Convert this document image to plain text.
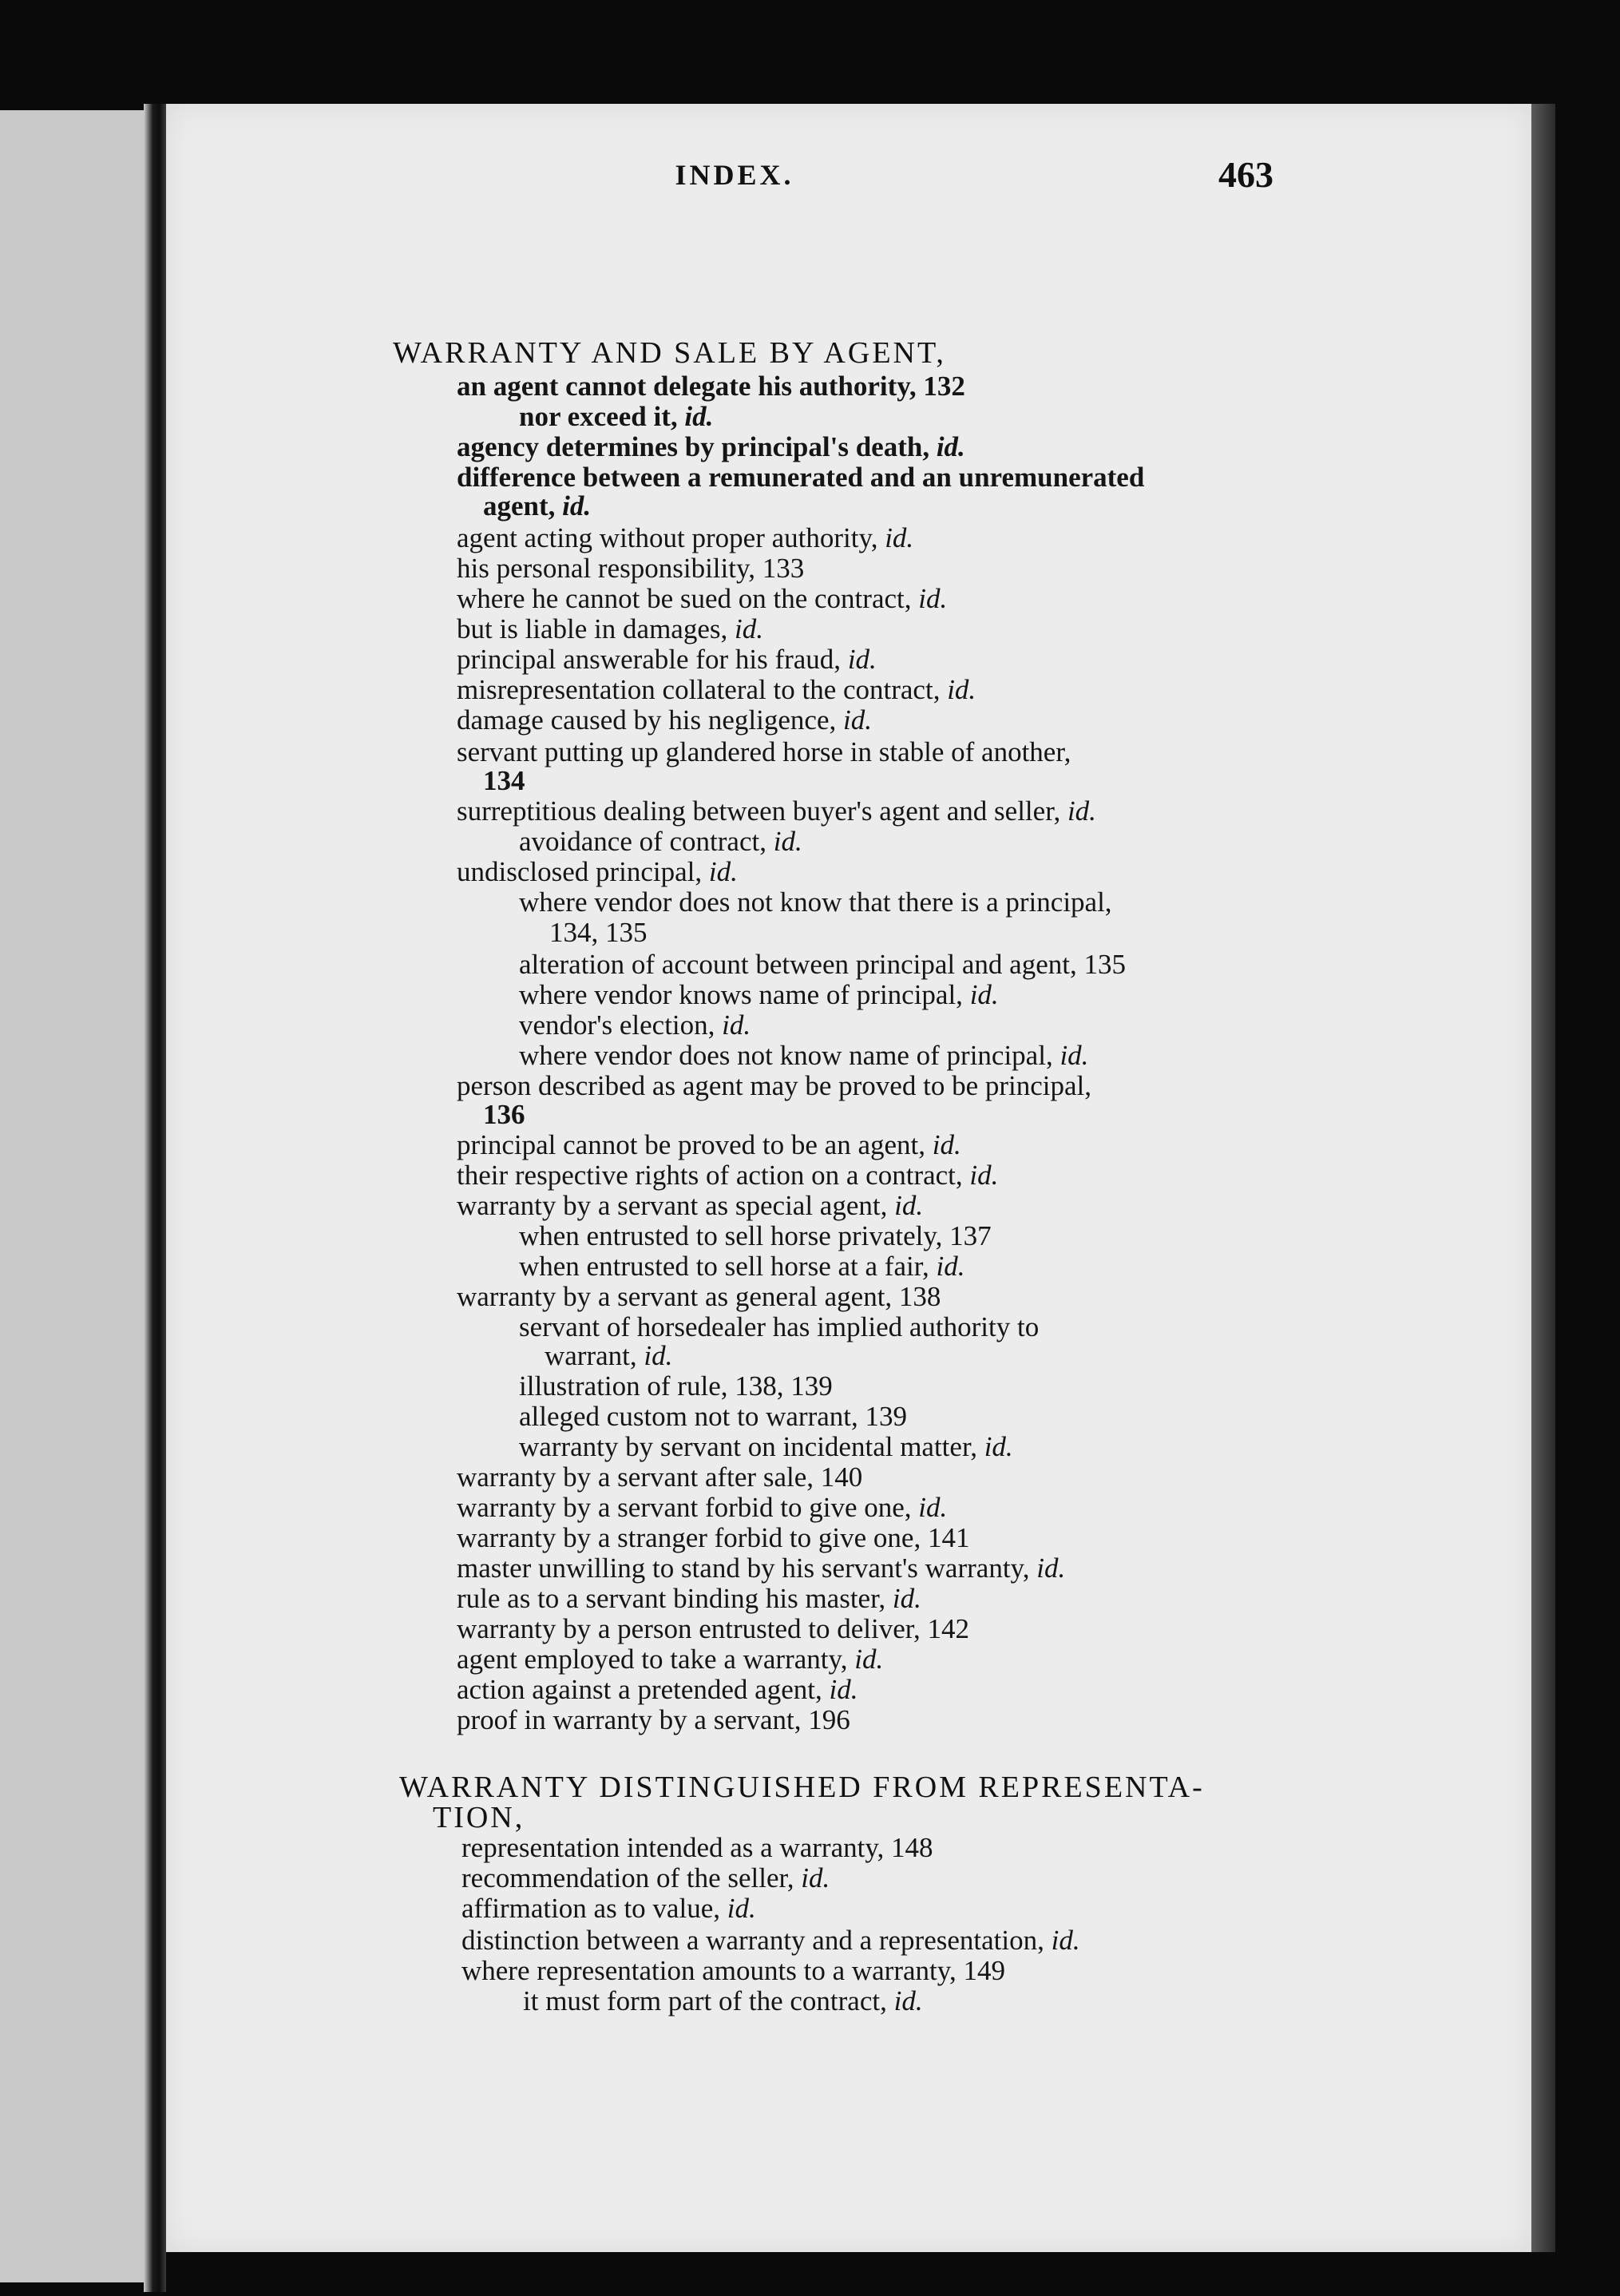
INDEX.	463
WARRANTY AND SALE BY AGENT,
an agent cannot delegate his authority, 132
nor exceed it, id.
agency determines by principal's death, id.
difference between a remunerated and an unremunerated
agent, id.
agent acting without proper authority, id.
his personal responsibility, 133
where he cannot be sued on the contract, id.
but is liable in damages, id.
principal answerable for his fraud, id.
misrepresentation collateral to the contract, id.
damage caused by his negligence, id.
servant putting up glandered horse in stable of another,
134
surreptitious dealing between buyer's agent and seller, id.
avoidance of contract, id.
undisclosed principal, id.
where vendor does not know that there is a principal,
134, 135
alteration of account between principal and agent, 135
where vendor knows name of principal, id.
vendor's election, id.
where vendor does not know name of principal, id.
person described as agent may be proved to be principal,
136
principal cannot be proved to be an agent, id.
their respective rights of action on a contract, id.
warranty by a servant as special agent, id.
when entrusted to sell horse privately, 137
when entrusted to sell horse at a fair, id.
warranty by a servant as general agent, 138
servant of horsedealer has implied authority to
warrant, id.
illustration of rule, 138, 139
alleged custom not to warrant, 139
warranty by servant on incidental matter, id.
warranty by a servant after sale, 140
warranty by a servant forbid to give one, id.
warranty by a stranger forbid to give one, 141
master unwilling to stand by his servant's warranty, id.
rule as to a servant binding his master, id.
warranty by a person entrusted to deliver, 142
agent employed to take a warranty, id.
action against a pretended agent, id.
proof in warranty by a servant, 196
WARRANTY DISTINGUISHED FROM REPRESENTA-
TION,
representation intended as a warranty, 148
recommendation of the seller, id.
affirmation as to value, id.
distinction between a warranty and a representation, id.
where representation amounts to a warranty, 149
it must form part of the contract, id.
